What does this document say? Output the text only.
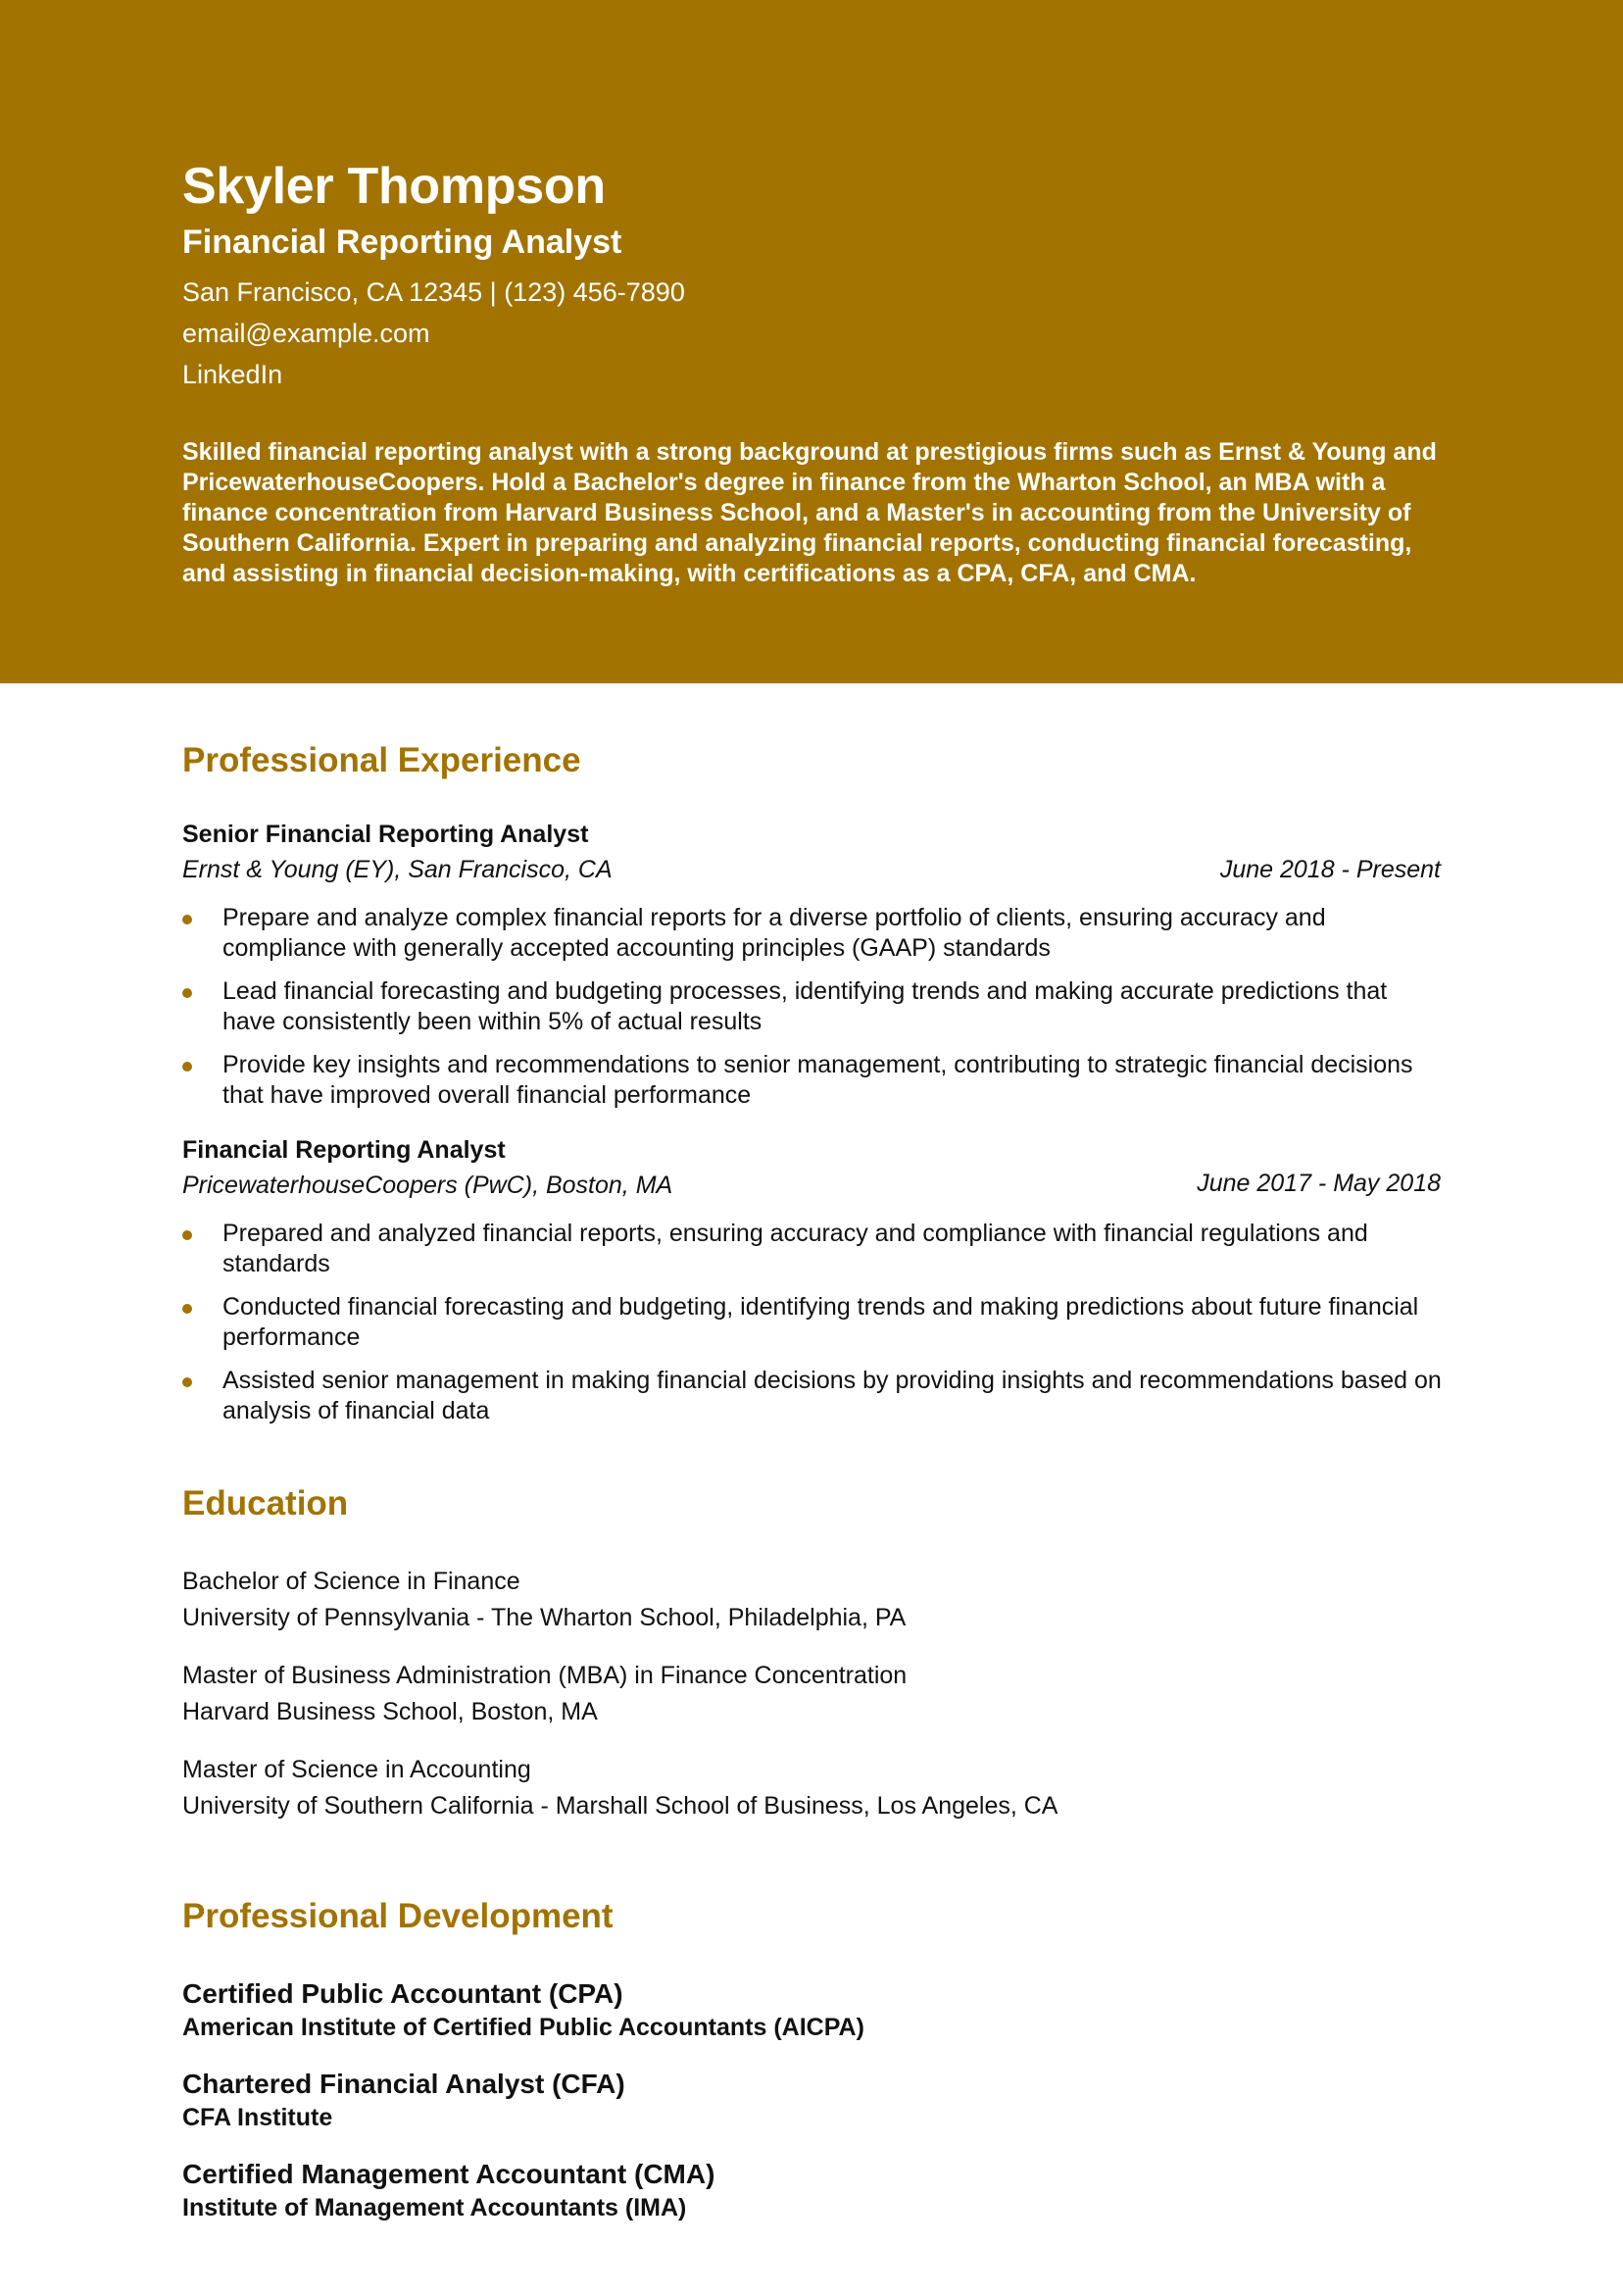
Skyler Thompson
Financial Reporting Analyst
San Francisco, CA 12345 | (123) 456-7890
email@example.com
LinkedIn
Skilled financial reporting analyst with a strong background at prestigious firms such as Ernst & Young and PricewaterhouseCoopers. Hold a Bachelor's degree in finance from the Wharton School, an MBA with a finance concentration from Harvard Business School, and a Master's in accounting from the University of Southern California. Expert in preparing and analyzing financial reports, conducting financial forecasting, and assisting in financial decision-making, with certifications as a CPA, CFA, and CMA.
Professional Experience
Senior Financial Reporting Analyst
Ernst & Young (EY), San Francisco, CA	June 2018 - Present
Prepare and analyze complex financial reports for a diverse portfolio of clients, ensuring accuracy and compliance with generally accepted accounting principles (GAAP) standards
Lead financial forecasting and budgeting processes, identifying trends and making accurate predictions that have consistently been within 5% of actual results
Provide key insights and recommendations to senior management, contributing to strategic financial decisions that have improved overall financial performance
Financial Reporting Analyst
PricewaterhouseCoopers (PwC), Boston, MA	June 2017 - May 2018
Prepared and analyzed financial reports, ensuring accuracy and compliance with financial regulations and standards
Conducted financial forecasting and budgeting, identifying trends and making predictions about future financial performance
Assisted senior management in making financial decisions by providing insights and recommendations based on analysis of financial data
Education
Bachelor of Science in Finance
University of Pennsylvania - The Wharton School, Philadelphia, PA
Master of Business Administration (MBA) in Finance Concentration
Harvard Business School, Boston, MA
Master of Science in Accounting
University of Southern California - Marshall School of Business, Los Angeles, CA
Professional Development
Certified Public Accountant (CPA)
American Institute of Certified Public Accountants (AICPA)
Chartered Financial Analyst (CFA)
CFA Institute
Certified Management Accountant (CMA)
Institute of Management Accountants (IMA)
